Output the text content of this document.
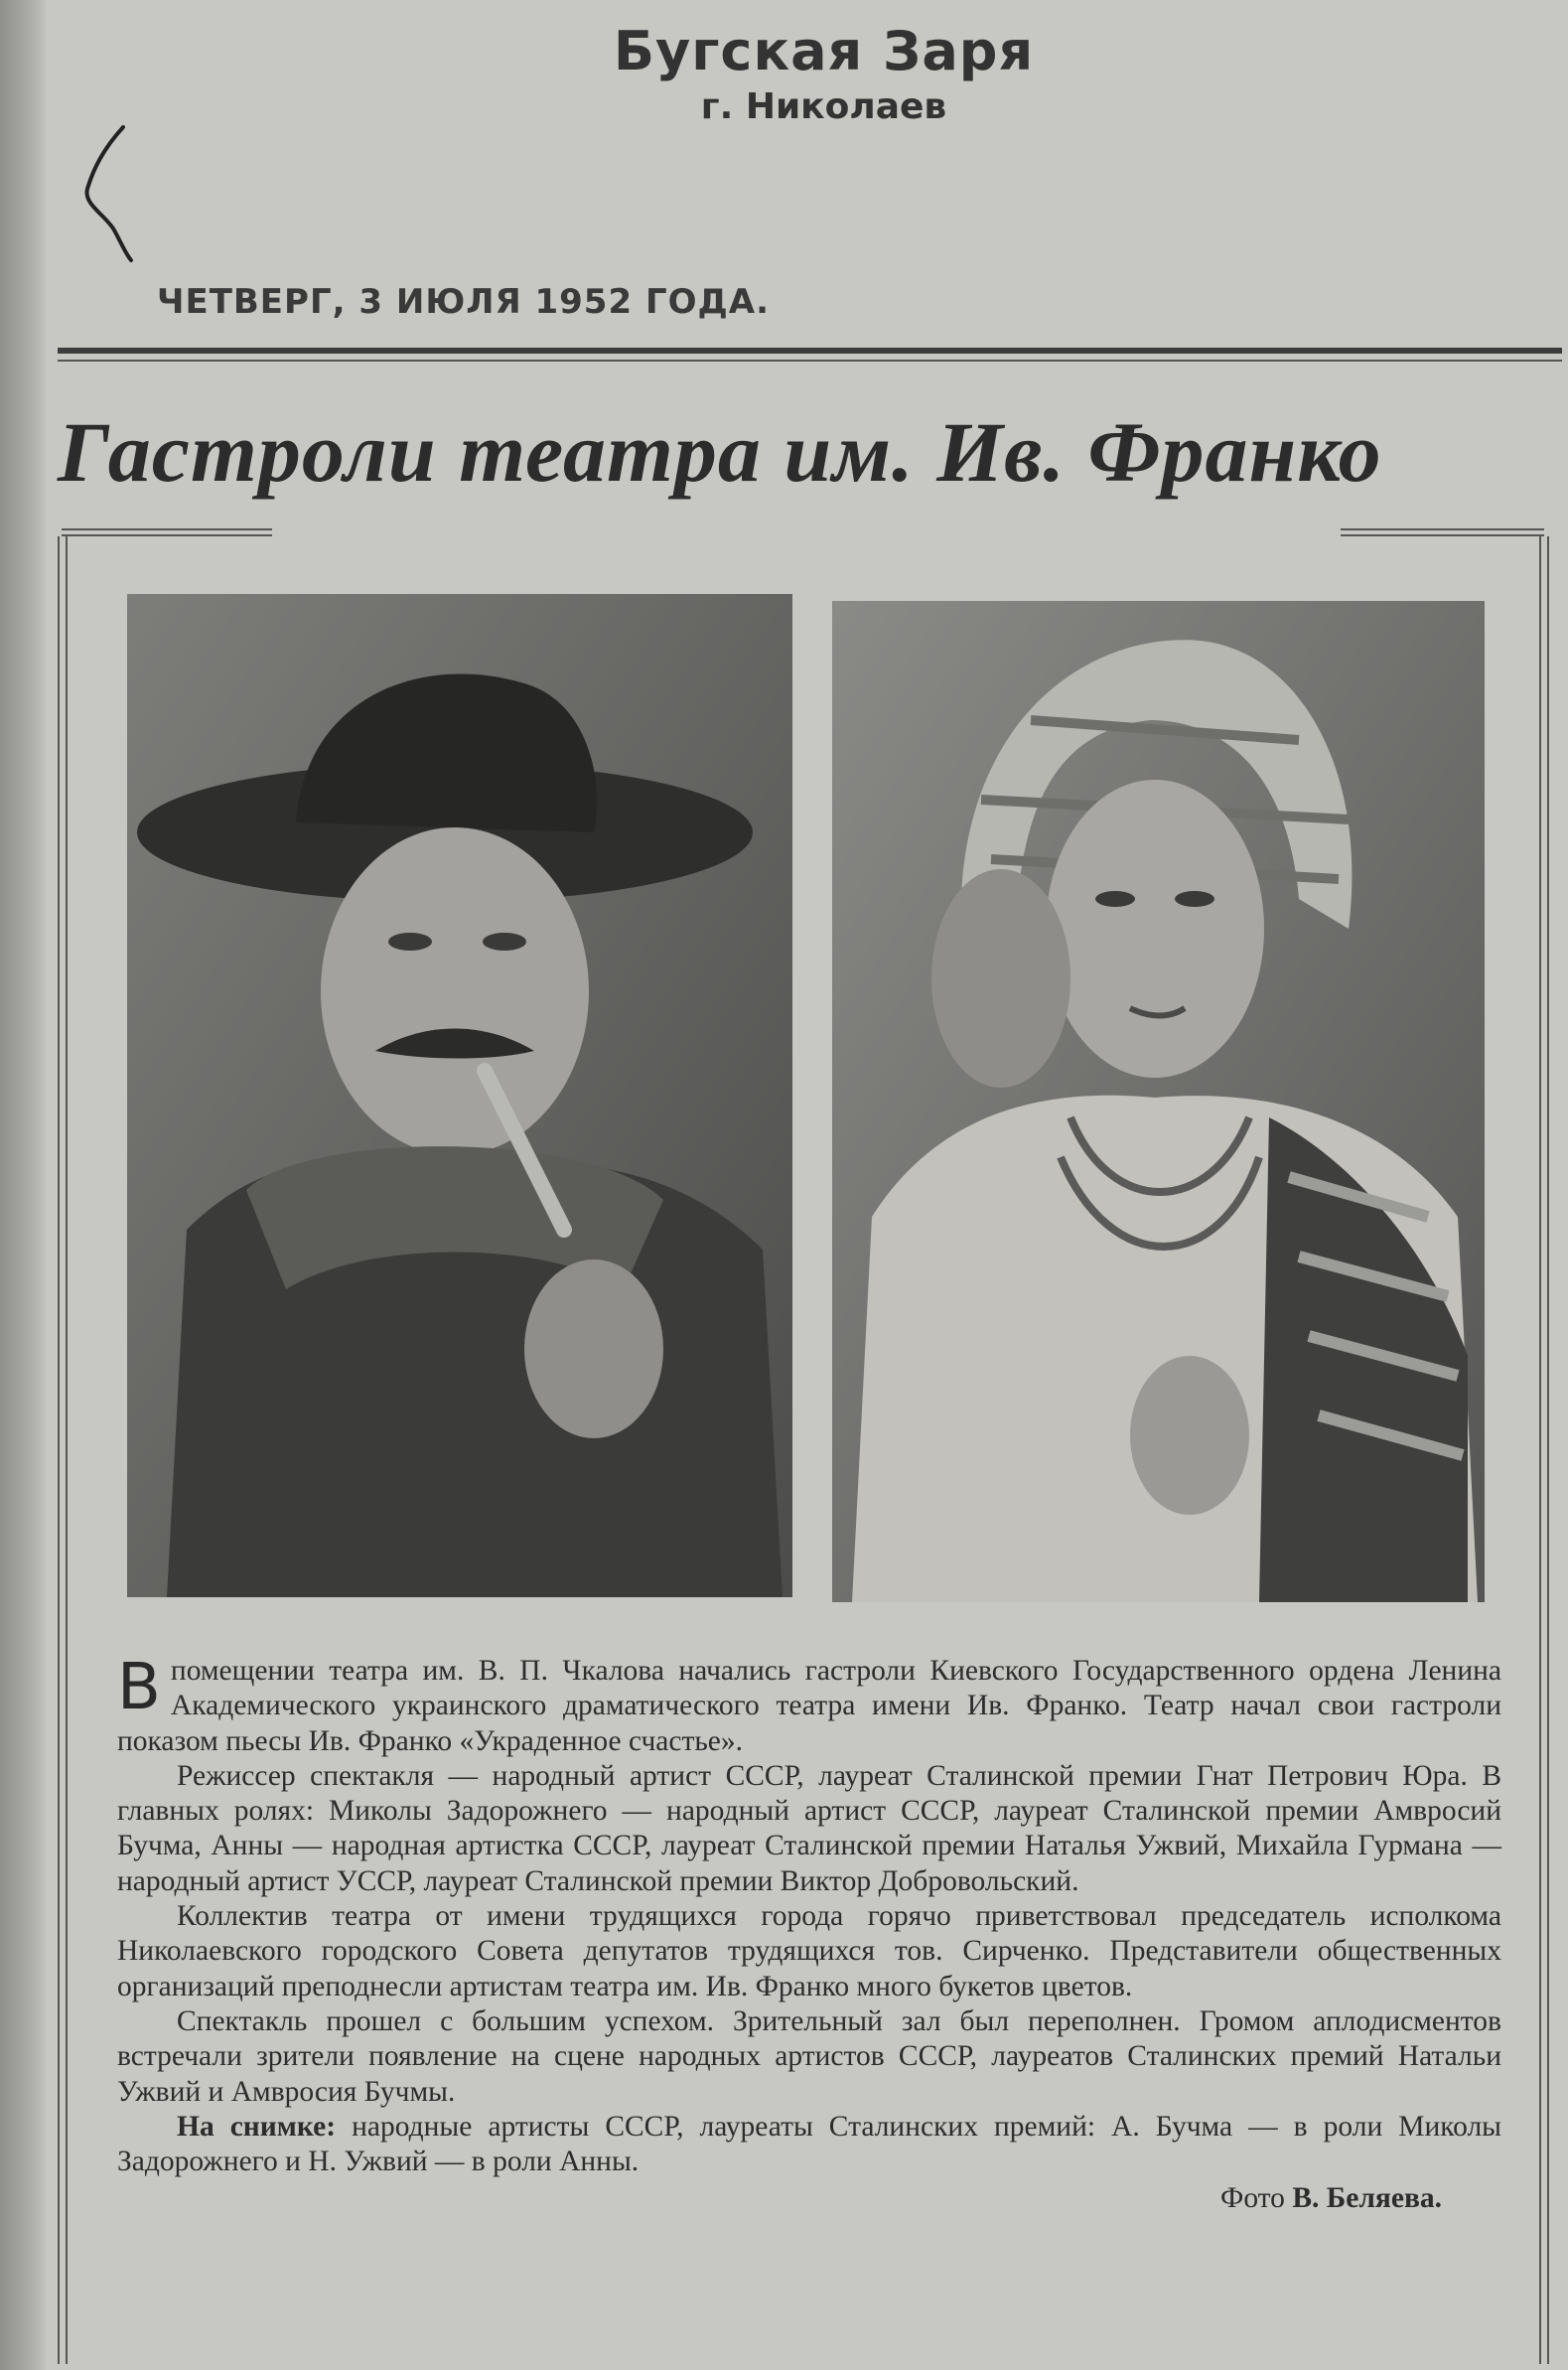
Бугская Заря
г. Николаев
ЧЕТВЕРГ, 3 ИЮЛЯ 1952 ГОДА.
Гастроли театра им. Ив. Франко

Впомещении театра им. В. П. Чкалова начались гастроли Киевского Государственного ордена Ленина Академического украинского драматического театра имени Ив. Франко. Театр начал свои гастроли показом пьесы Ив. Франко «Украденное счастье».

Режиссер спектакля — народный артист СССР, лауреат Сталинской премии Гнат Петрович Юра. В главных ролях: Миколы Задорожнего — народный артист СССР, лауреат Сталинской премии Амвросий Бучма, Анны — народная артистка СССР, лауреат Сталинской премии Наталья Ужвий, Михайла Гурмана — народный артист УССР, лауреат Сталинской премии Виктор Добровольский.

Коллектив театра от имени трудящихся города горячо приветствовал председатель исполкома Николаевского городского Совета депутатов трудящихся тов. Сирченко. Представители общественных организаций преподнесли артистам театра им. Ив. Франко много букетов цветов.

Спектакль прошел с большим успехом. Зрительный зал был переполнен. Громом аплодисментов встречали зрители появление на сцене народных артистов СССР, лауреатов Сталинских премий Натальи Ужвий и Амвросия Бучмы.

На снимке: народные артисты СССР, лауреаты Сталинских премий: А. Бучма — в роли Миколы Задорожнего и Н. Ужвий — в роли Анны.

Фото В. Беляева.
